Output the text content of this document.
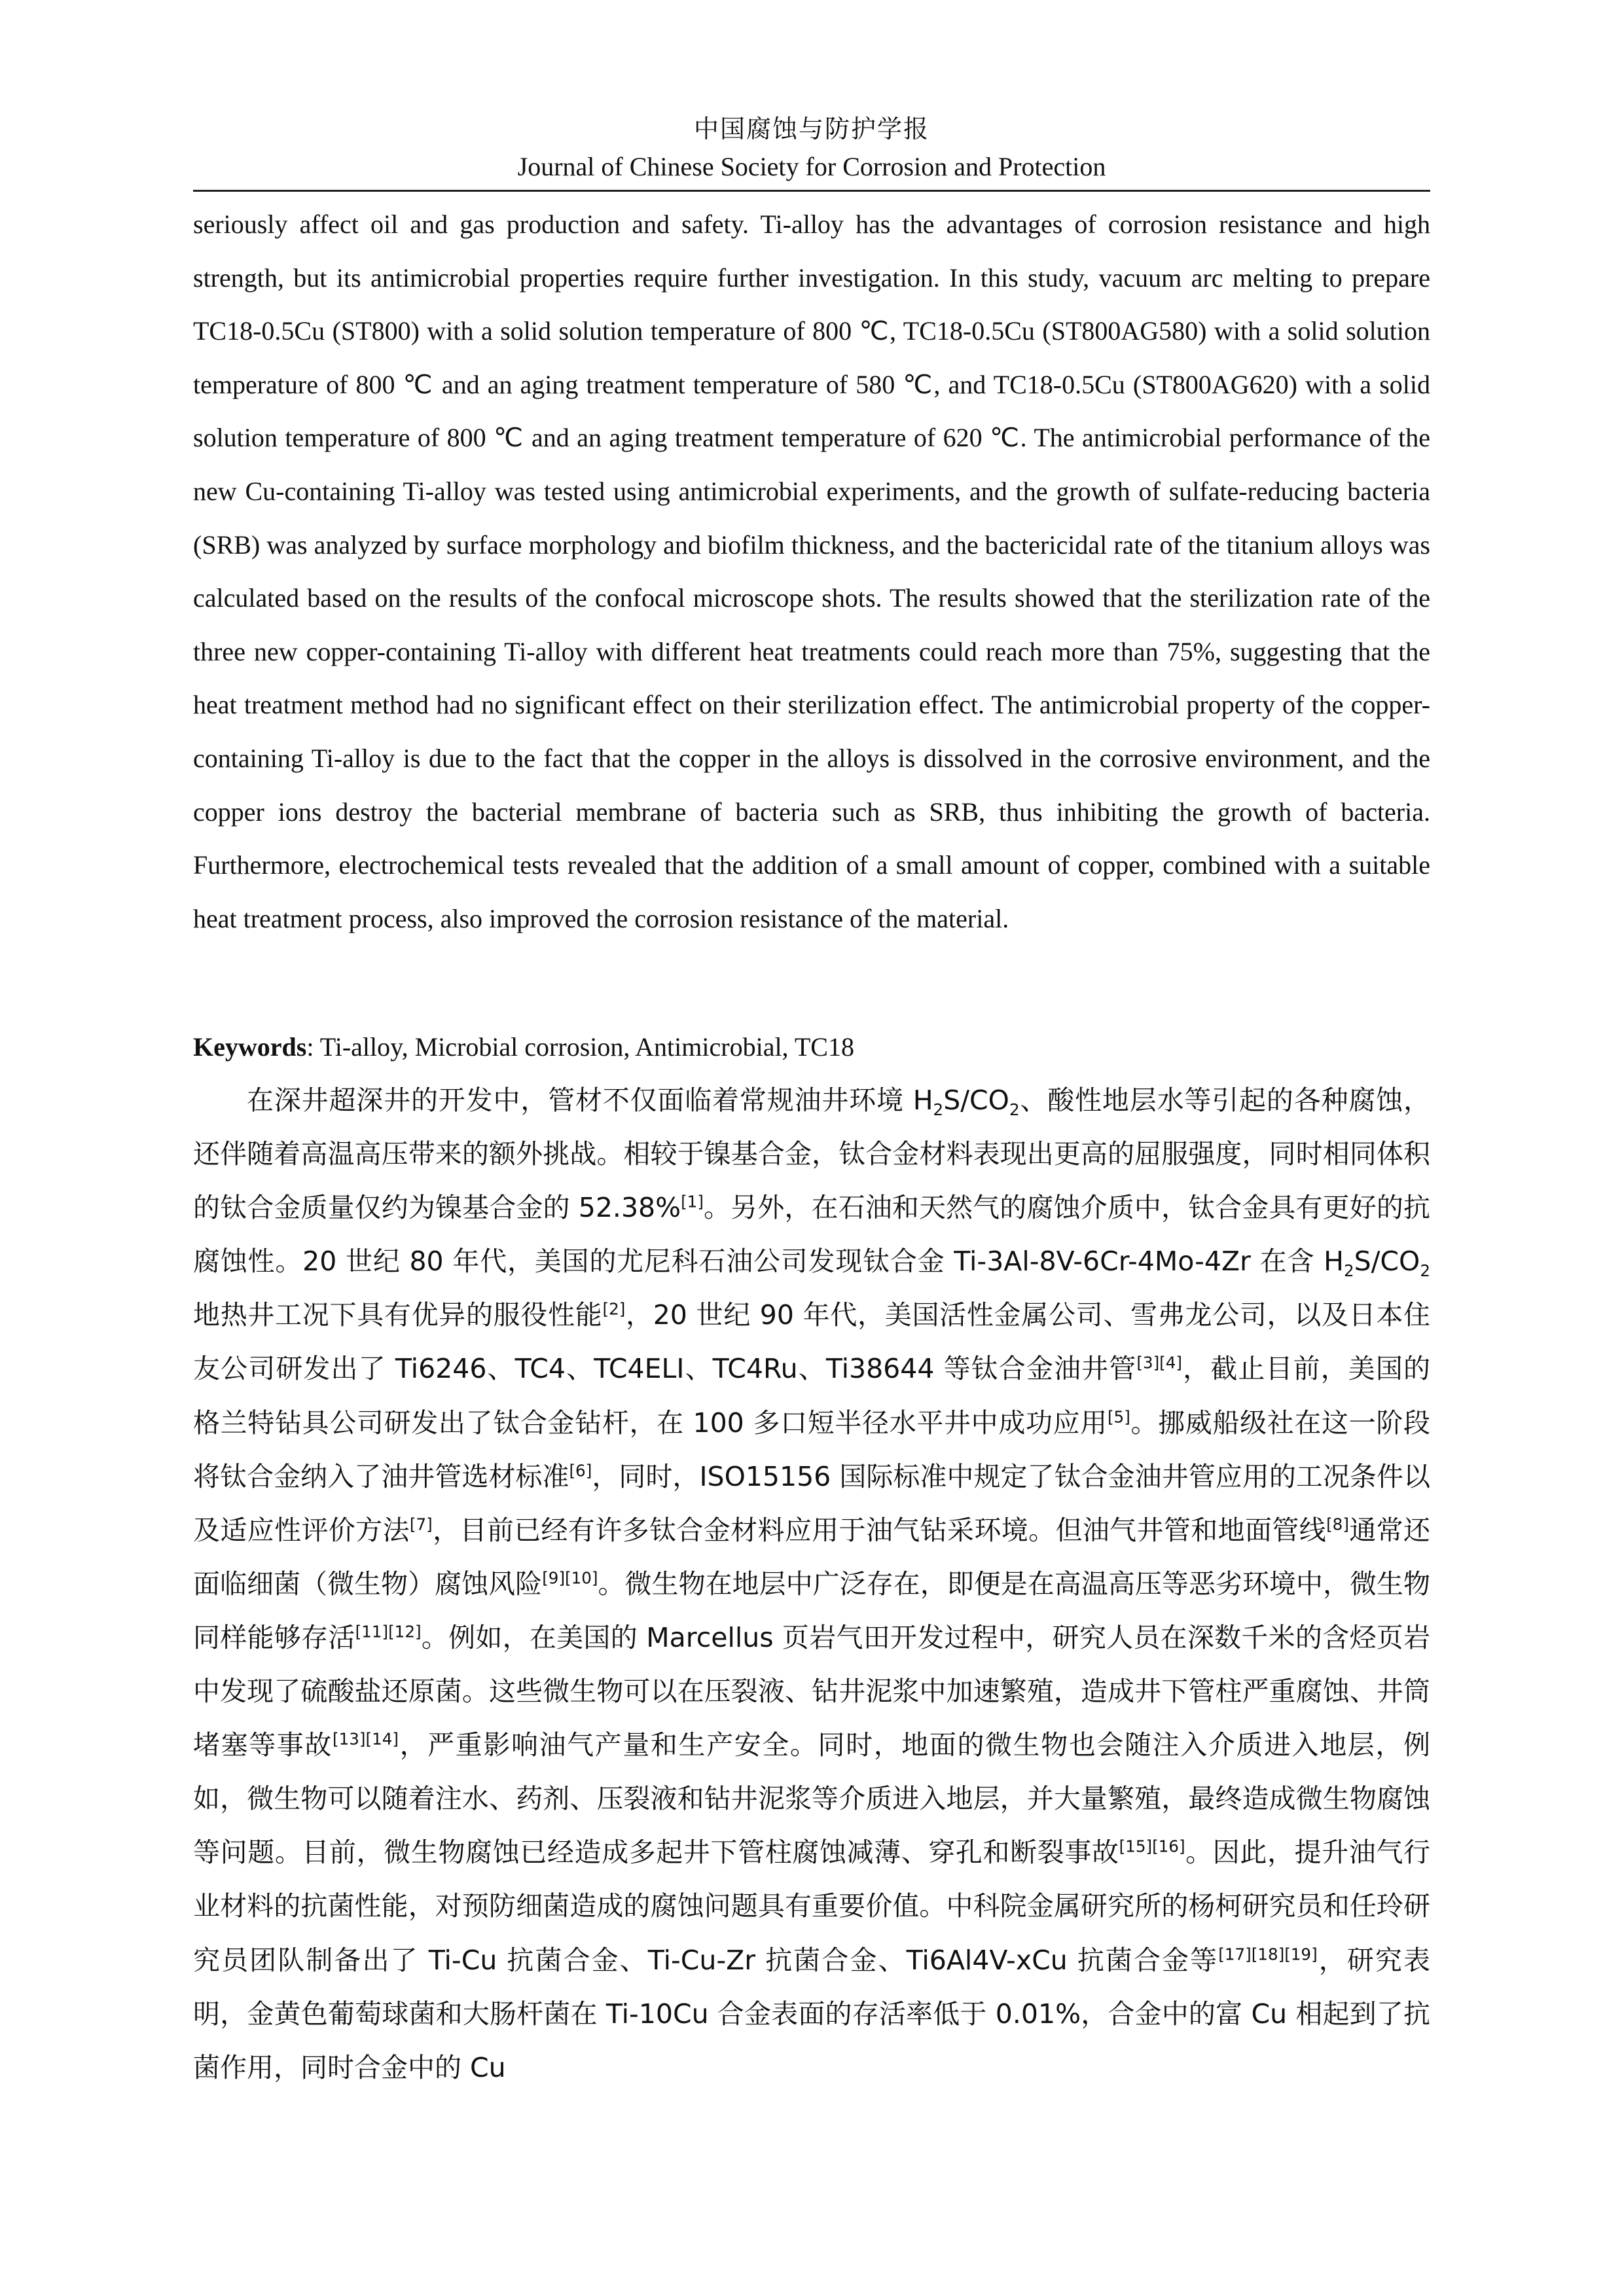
中国腐蚀与防护学报
Journal of Chinese Society for Corrosion and Protection

seriously affect oil and gas production and safety. Ti-alloy has the advantages of corrosion resistance and high strength, but its antimicrobial properties require further investigation. In this study, vacuum arc melting to prepare TC18-0.5Cu (ST800) with a solid solution temperature of 800 ℃, TC18-0.5Cu (ST800AG580) with a solid solution temperature of 800 ℃ and an aging treatment temperature of 580 ℃, and TC18-0.5Cu (ST800AG620) with a solid solution temperature of 800 ℃ and an aging treatment temperature of 620 ℃. The antimicrobial performance of the new Cu-containing Ti-alloy was tested using antimicrobial experiments, and the growth of sulfate-reducing bacteria (SRB) was analyzed by surface morphology and biofilm thickness, and the bactericidal rate of the titanium alloys was calculated based on the results of the confocal microscope shots. The results showed that the sterilization rate of the three new copper-containing Ti-alloy with different heat treatments could reach more than 75%, suggesting that the heat treatment method had no significant effect on their sterilization effect. The antimicrobial property of the copper-containing Ti-alloy is due to the fact that the copper in the alloys is dissolved in the corrosive environment, and the copper ions destroy the bacterial membrane of bacteria such as SRB, thus inhibiting the growth of bacteria. Furthermore, electrochemical tests revealed that the addition of a small amount of copper, combined with a suitable heat treatment process, also improved the corrosion resistance of the material.

Keywords: Ti-alloy, Microbial corrosion, Antimicrobial, TC18

在深井超深井的开发中，管材不仅面临着常规油井环境 $H_2S/CO_2$、酸性地层水等引起的各种腐蚀，还伴随着高温高压带来的额外挑战。相较于镍基合金，钛合金材料表现出更高的屈服强度，同时相同体积的钛合金质量仅约为镍基合金的 52.38%[1]。另外，在石油和天然气的腐蚀介质中，钛合金具有更好的抗腐蚀性。20 世纪 80 年代，美国的尤尼科石油公司发现钛合金 Ti-3Al-8V-6Cr-4Mo-4Zr 在含 $H_2S/CO_2$ 地热井工况下具有优异的服役性能[2]，20 世纪 90 年代，美国活性金属公司、雪弗龙公司，以及日本住友公司研发出了 Ti6246、TC4、TC4ELI、TC4Ru、Ti38644 等钛合金油井管[3][4]，截止目前，美国的格兰特钻具公司研发出了钛合金钻杆，在 100 多口短半径水平井中成功应用[5]。挪威船级社在这一阶段将钛合金纳入了油井管选材标准[6]，同时，ISO15156 国际标准中规定了钛合金油井管应用的工况条件以及适应性评价方法[7]，目前已经有许多钛合金材料应用于油气钻采环境。但油气井管和地面管线[8]通常还面临细菌（微生物）腐蚀风险[9][10]。微生物在地层中广泛存在，即便是在高温高压等恶劣环境中，微生物同样能够存活[11][12]。例如，在美国的 Marcellus 页岩气田开发过程中，研究人员在深数千米的含烃页岩中发现了硫酸盐还原菌。这些微生物可以在压裂液、钻井泥浆中加速繁殖，造成井下管柱严重腐蚀、井筒堵塞等事故[13][14]，严重影响油气产量和生产安全。同时，地面的微生物也会随注入介质进入地层，例如，微生物可以随着注水、药剂、压裂液和钻井泥浆等介质进入地层，并大量繁殖，最终造成微生物腐蚀等问题。目前，微生物腐蚀已经造成多起井下管柱腐蚀减薄、穿孔和断裂事故[15][16]。因此，提升油气行业材料的抗菌性能，对预防细菌造成的腐蚀问题具有重要价值。中科院金属研究所的杨柯研究员和任玲研究员团队制备出了 Ti-Cu 抗菌合金、Ti-Cu-Zr 抗菌合金、Ti6Al4V-xCu 抗菌合金等[17][18][19]，研究表明，金黄色葡萄球菌和大肠杆菌在 Ti-10Cu 合金表面的存活率低于 0.01%，合金中的富 Cu 相起到了抗菌作用，同时合金中的 Cu
